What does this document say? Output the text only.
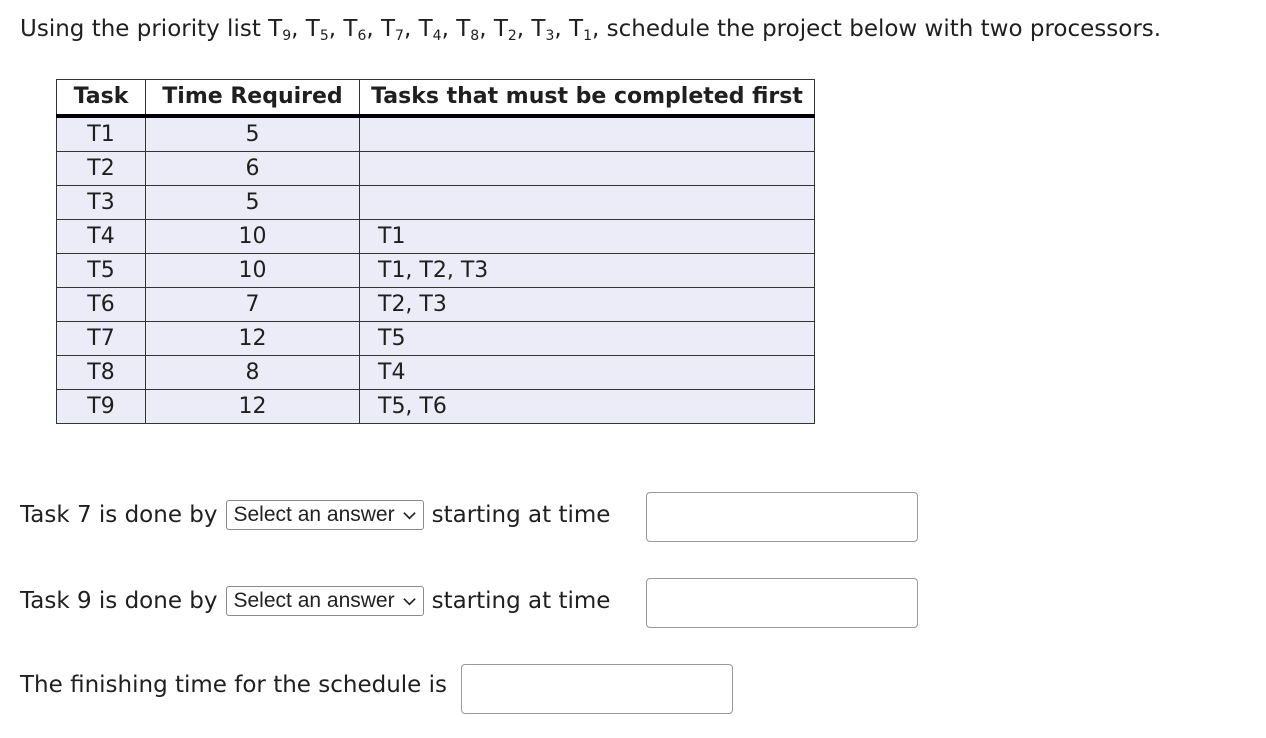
Using the priority list $T_9$, $T_5$, $T_6$, $T_7$, $T_4$, $T_8$, $T_2$, $T_3$, $T_1$, schedule the project below with two processors.
Task	Time Required	Tasks that must be completed first
T1	5	
T2	6	
T3	5	
T4	10	T1
T5	10	T1, T2, T3
T6	7	T2, T3
T7	12	T5
T8	8	T4
T9	12	T5, T6
Task 7 is done by Select an answer starting at time
Task 9 is done by Select an answer starting at time
The finishing time for the schedule is
